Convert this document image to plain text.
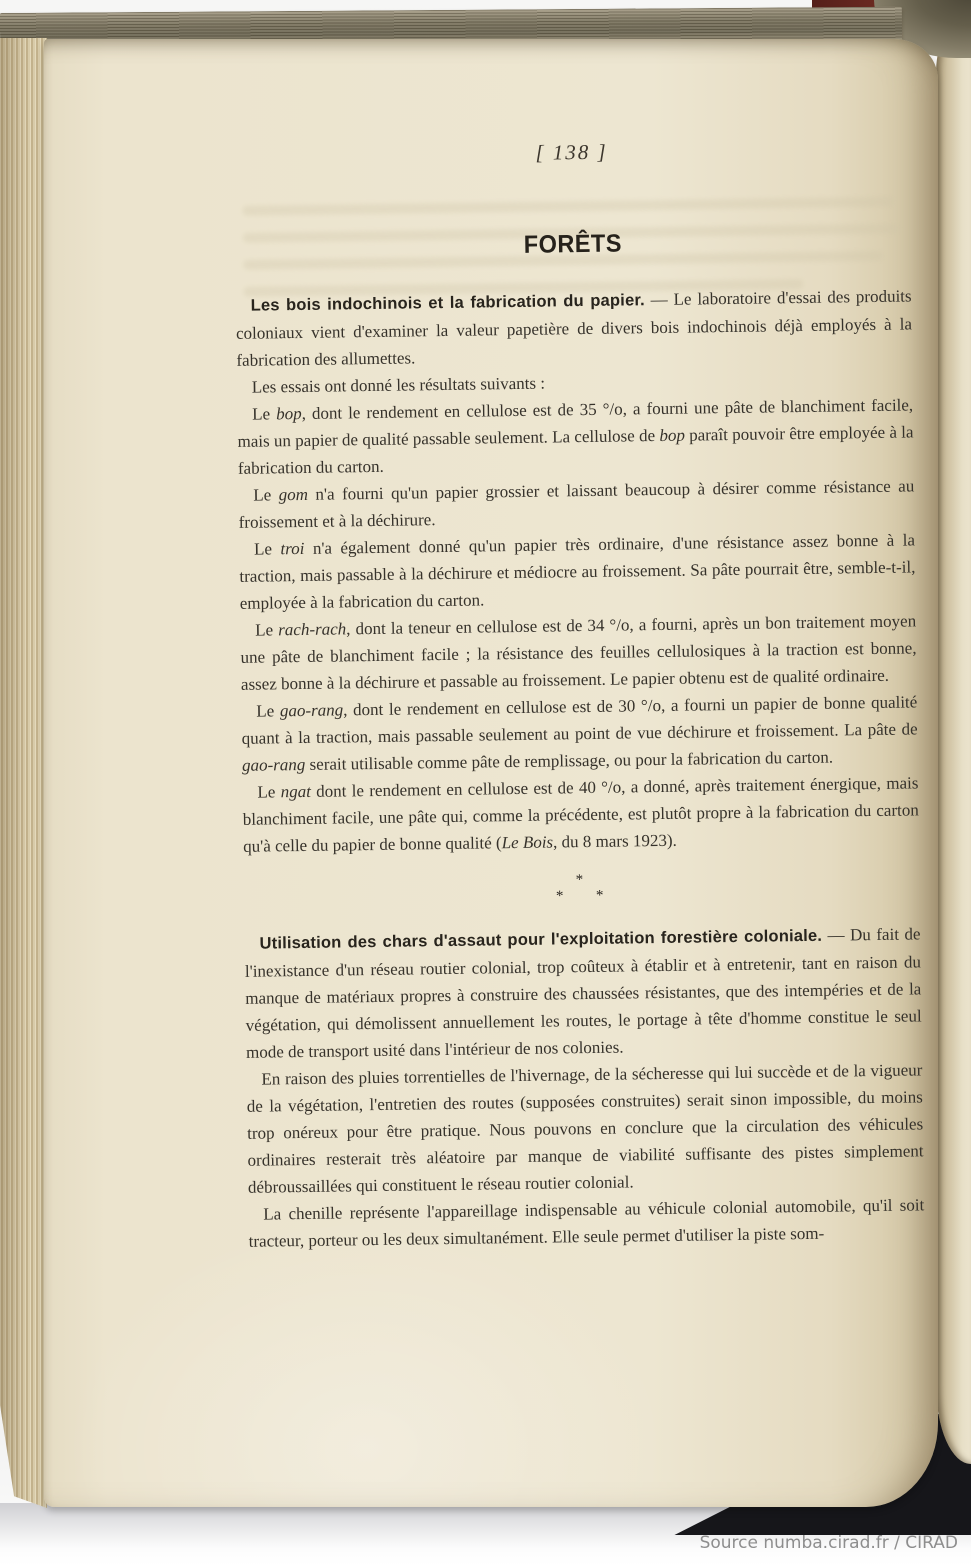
[ 138 ]
FORÊTS

Les bois indochinois et la fabrication du papier. — Le laboratoire d'essai des produits coloniaux vient d'examiner la valeur papetière de divers bois indochinois déjà employés à la fabrication des allumettes.

Les essais ont donné les résultats suivants :

Le bop, dont le rendement en cellulose est de 35 °/o, a fourni une pâte de blanchiment facile, mais un papier de qualité passable seulement. La cellulose de bop paraît pouvoir être employée à la fabrication du carton.

Le gom n'a fourni qu'un papier grossier et laissant beaucoup à désirer comme résistance au froissement et à la déchirure.

Le troi n'a également donné qu'un papier très ordinaire, d'une résistance assez bonne à la traction, mais passable à la déchirure et médiocre au froissement. Sa pâte pourrait être, semble-t-il, employée à la fabrication du carton.

Le rach-rach, dont la teneur en cellulose est de 34 °/o, a fourni, après un bon traitement moyen une pâte de blanchiment facile ; la résistance des feuilles cellulosiques à la traction est bonne, assez bonne à la déchirure et passable au froissement. Le papier obtenu est de qualité ordinaire.

Le gao-rang, dont le rendement en cellulose est de 30 °/o, a fourni un papier de bonne qualité quant à la traction, mais passable seulement au point de vue déchirure et froissement. La pâte de gao-rang serait utilisable comme pâte de remplissage, ou pour la fabrication du carton.

Le ngat dont le rendement en cellulose est de 40 °/o, a donné, après traitement énergique, mais blanchiment facile, une pâte qui, comme la précédente, est plutôt propre à la fabrication du carton qu'à celle du papier de bonne qualité (Le Bois, du 8 mars 1923).

*
* *

Utilisation des chars d'assaut pour l'exploitation forestière coloniale. — Du fait de l'inexistance d'un réseau routier colonial, trop coûteux à établir et à entretenir, tant en raison du manque de matériaux propres à construire des chaussées résistantes, que des intempéries et de la végétation, qui démolissent annuellement les routes, le portage à tête d'homme constitue le seul mode de transport usité dans l'intérieur de nos colonies.

En raison des pluies torrentielles de l'hivernage, de la sécheresse qui lui succède et de la vigueur de la végétation, l'entretien des routes (supposées construites) serait sinon impossible, du moins trop onéreux pour être pratique. Nous pouvons en conclure que la circulation des véhicules ordinaires resterait très aléatoire par manque de viabilité suffisante des pistes simplement débroussaillées qui constituent le réseau routier colonial.

La chenille représente l'appareillage indispensable au véhicule colonial automobile, qu'il soit tracteur, porteur ou les deux simultanément. Elle seule permet d'utiliser la piste som-

Source numba.cirad.fr / CIRAD
